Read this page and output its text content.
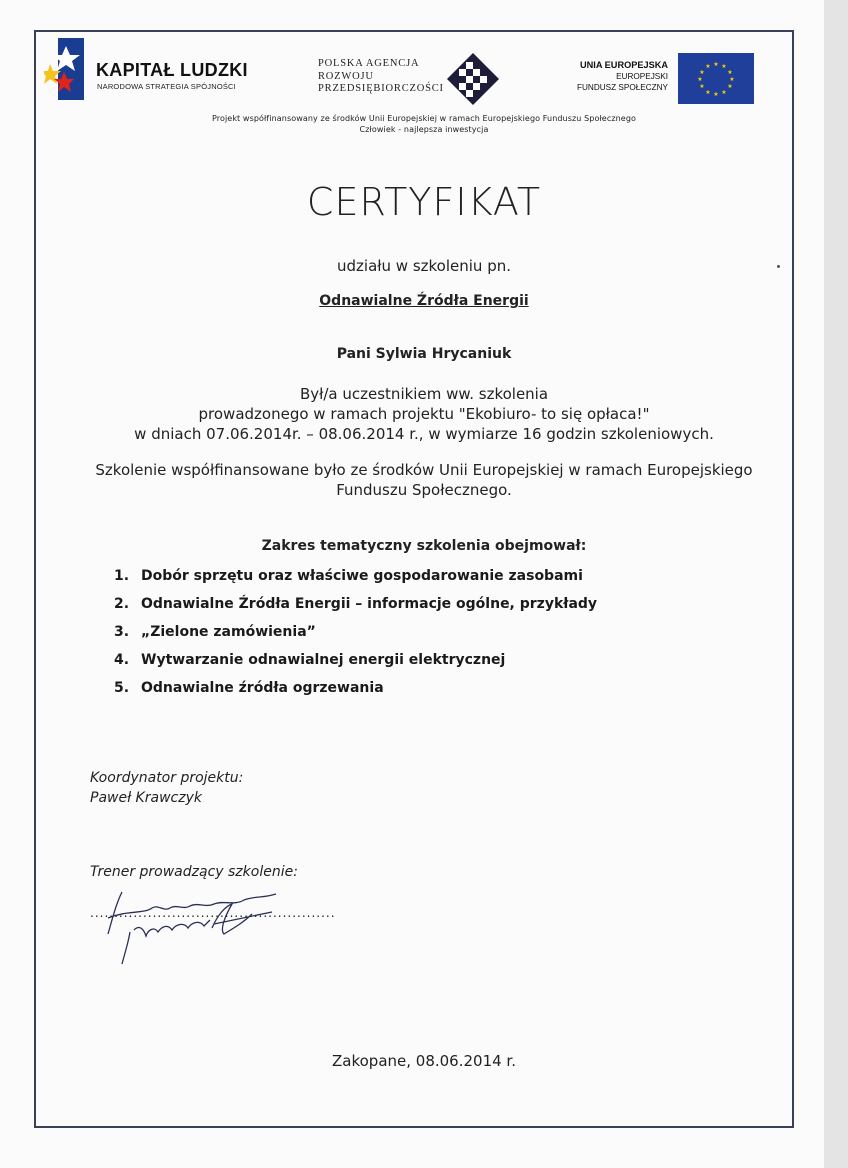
KAPITAŁ LUDZKI
NARODOWA STRATEGIA SPÓJNOŚCI
POLSKA AGENCJA
ROZWOJU
PRZEDSIĘBIORCZOŚCI
UNIA EUROPEJSKA
EUROPEJSKI
FUNDUSZ SPOŁECZNY
★ ★
★
★
★
★
★
★
★
★
★
★
Projekt współfinansowany ze środków Unii Europejskiej w ramach Europejskiego Funduszu Społecznego
Człowiek - najlepsza inwestycja
CERTYFIKAT
udziału w szkoleniu pn.
Odnawialne Źródła Energii
Pani Sylwia Hrycaniuk
Był/a uczestnikiem ww. szkolenia
prowadzonego w ramach projektu "Ekobiuro- to się opłaca!"
w dniach 07.06.2014r. – 08.06.2014 r., w wymiarze 16 godzin szkoleniowych.
Szkolenie współfinansowane było ze środków Unii Europejskiej w ramach Europejskiego
Funduszu Społecznego.
Zakres tematyczny szkolenia obejmował:
1. Dobór sprzętu oraz właściwe gospodarowanie zasobami
2. Odnawialne Źródła Energii – informacje ogólne, przykłady
3. „Zielone zamówienia”
4. Wytwarzanie odnawialnej energii elektrycznej
5. Odnawialne źródła ogrzewania
Koordynator projektu:
Paweł Krawczyk
Trener prowadzący szkolenie:
...................................................
Zakopane, 08.06.2014 r.
